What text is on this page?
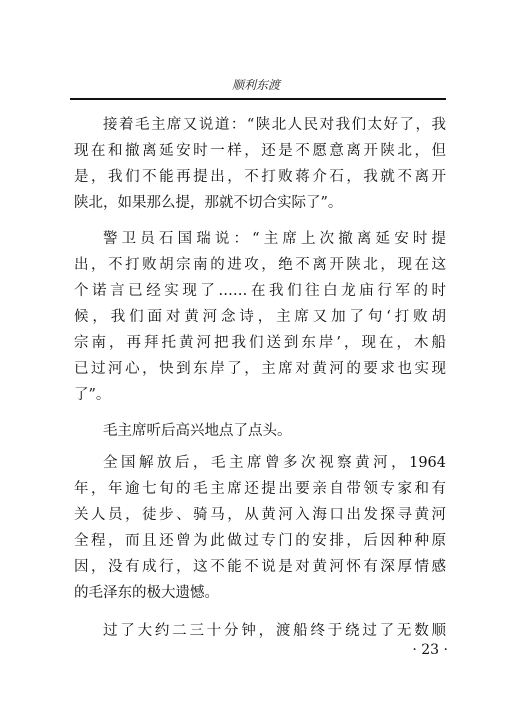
顺利东渡
接着毛主席又说道：“陕北人民对我们太好了，我
现在和撤离延安时一样，还是不愿意离开陕北，但
是，我们不能再提出，不打败蒋介石，我就不离开
陕北，如果那么提，那就不切合实际了”。
警卫员石国瑞说：“主席上次撤离延安时提
出，不打败胡宗南的进攻，绝不离开陕北，现在这
个诺言已经实现了……在我们往白龙庙行军的时
候，我们面对黄河念诗，主席又加了句‘打败胡
宗南，再拜托黄河把我们送到东岸’，现在，木船
已过河心，快到东岸了，主席对黄河的要求也实现
了”。
毛主席听后高兴地点了点头。
全国解放后，毛主席曾多次视察黄河，1964
年，年逾七旬的毛主席还提出要亲自带领专家和有
关人员，徒步、骑马，从黄河入海口出发探寻黄河
全程，而且还曾为此做过专门的安排，后因种种原
因，没有成行，这不能不说是对黄河怀有深厚情感
的毛泽东的极大遗憾。
过了大约二三十分钟，渡船终于绕过了无数顺
· 23 ·
